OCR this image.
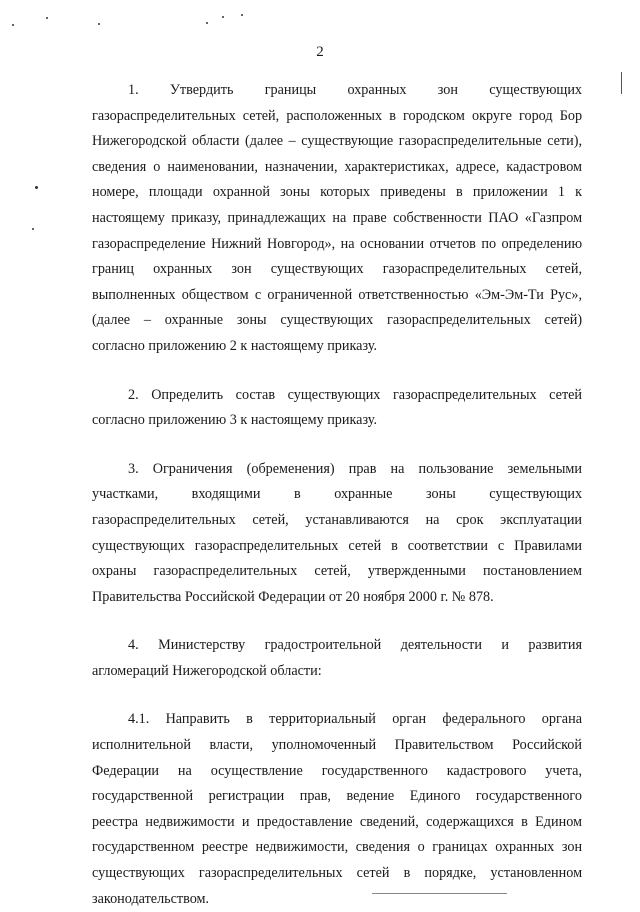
2
1. Утвердить границы охранных зон существующих
газораспределительных сетей, расположенных в городском округе город Бор
Нижегородской области (далее – существующие газораспределительные сети),
сведения о наименовании, назначении, характеристиках, адресе, кадастровом
номере, площади охранной зоны которых приведены в приложении 1 к
настоящему приказу, принадлежащих на праве собственности ПАО «Газпром
газораспределение Нижний Новгород», на основании отчетов по определению
границ охранных зон существующих газораспределительных сетей,
выполненных обществом с ограниченной ответственностью «Эм-Эм-Ти Рус»,
(далее – охранные зоны существующих газораспределительных сетей)
согласно приложению 2 к настоящему приказу.
2. Определить состав существующих газораспределительных сетей
согласно приложению 3 к настоящему приказу.
3. Ограничения (обременения) прав на пользование земельными
участками, входящими в охранные зоны существующих
газораспределительных сетей, устанавливаются на срок эксплуатации
существующих газораспределительных сетей в соответствии с Правилами
охраны газораспределительных сетей, утвержденными постановлением
Правительства Российской Федерации от 20 ноября 2000 г. № 878.
4. Министерству градостроительной деятельности и развития
агломераций Нижегородской области:
4.1. Направить в территориальный орган федерального органа
исполнительной власти, уполномоченный Правительством Российской
Федерации на осуществление государственного кадастрового учета,
государственной регистрации прав, ведение Единого государственного
реестра недвижимости и предоставление сведений, содержащихся в Едином
государственном реестре недвижимости, сведения о границах охранных зон
существующих газораспределительных сетей в порядке, установленном
законодательством.
